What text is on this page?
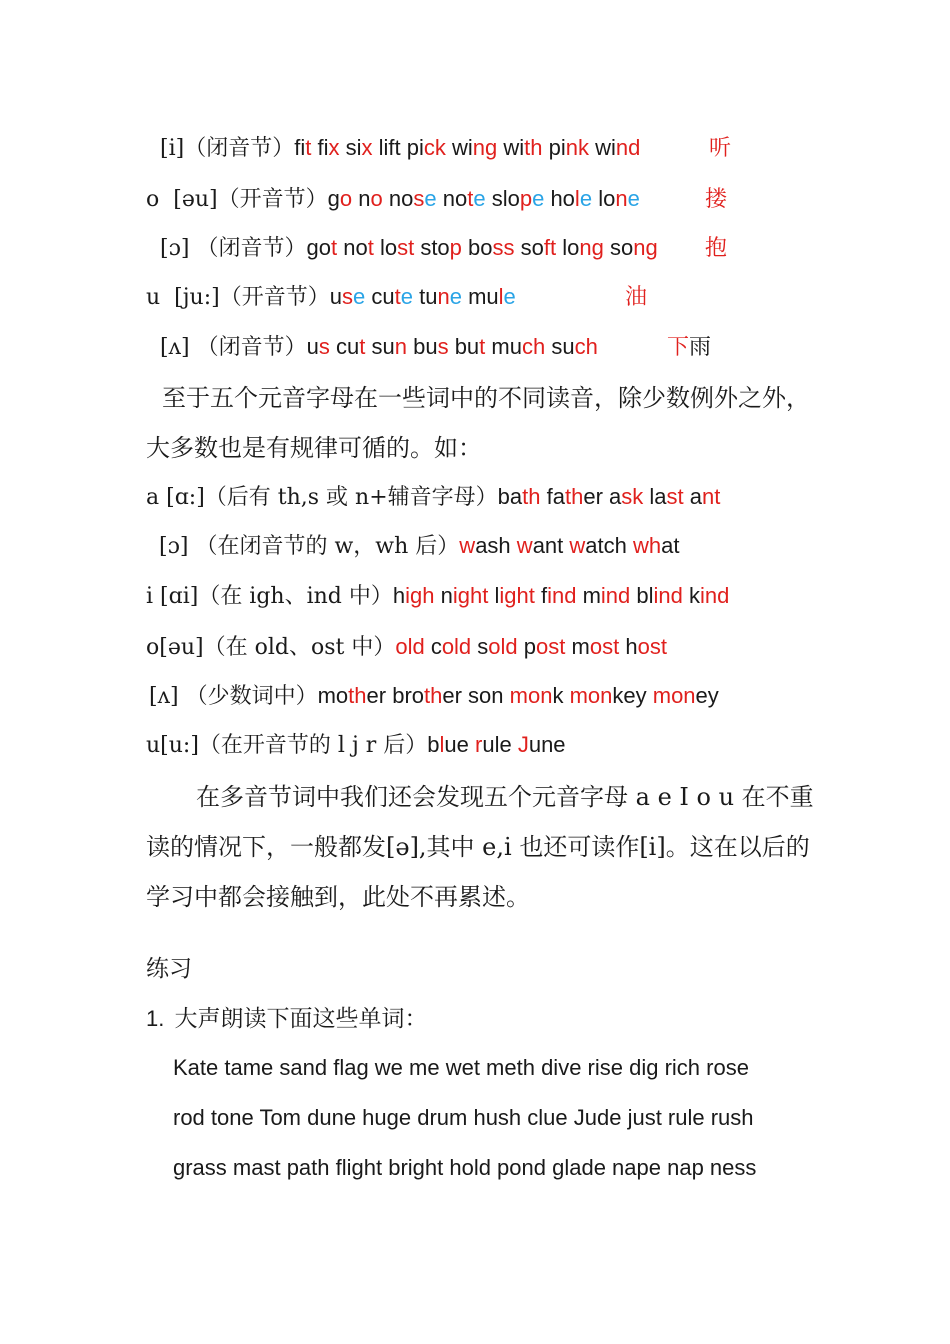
[i]（闭音节）fit fix six lift pick wing with pink wind	听
o  [əu]（开音节）go no nose note slope hole lone	搂
[ɔ] （闭音节）got not lost stop boss soft long song 抱
u  [ju:]（开音节）use cute tune mule	油
[ʌ] （闭音节）us cut sun bus but much such	下雨
至于五个元音字母在一些词中的不同读音，除少数例外之外，大多数也是有规律可循的。如：
a [ɑ:]（后有 th,s 或 n+辅音字母）bath father ask last ant
[ɔ] （在闭音节的 w，wh 后）wash want watch what
i [ɑi]（在 igh、ind 中）high night light find mind blind kind
o[əu]（在 old、ost 中）old cold sold post most host
[ʌ] （少数词中）mother brother son monk monkey money
u[u:]（在开音节的 l j r 后）blue rule June
在多音节词中我们还会发现五个元音字母 a e I o u 在不重读的情况下，一般都发[ə],其中 e,i 也还可读作[i]。这在以后的学习中都会接触到，此处不再累述。
练习
1. 大声朗读下面这些单词：
Kate tame sand flag we me wet meth dive rise dig rich rose
rod tone Tom dune huge drum hush clue Jude just rule rush
grass mast path flight bright hold pond glade nape nap ness
